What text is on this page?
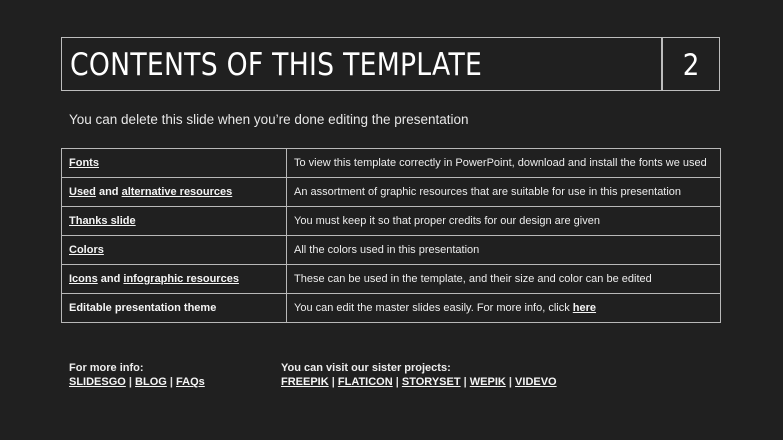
CONTENTS OF THIS TEMPLATE	2
You can delete this slide when you’re done editing the presentation
Fonts	To view this template correctly in PowerPoint, download and install the fonts we used
Used and alternative resources	An assortment of graphic resources that are suitable for use in this presentation
Thanks slide	You must keep it so that proper credits for our design are given
Colors	All the colors used in this presentation
Icons and infographic resources	These can be used in the template, and their size and color can be edited
Editable presentation theme	You can edit the master slides easily. For more info, click here
For more info:
SLIDESGO | BLOG | FAQs
You can visit our sister projects:
FREEPIK | FLATICON | STORYSET | WEPIK | VIDEVO
